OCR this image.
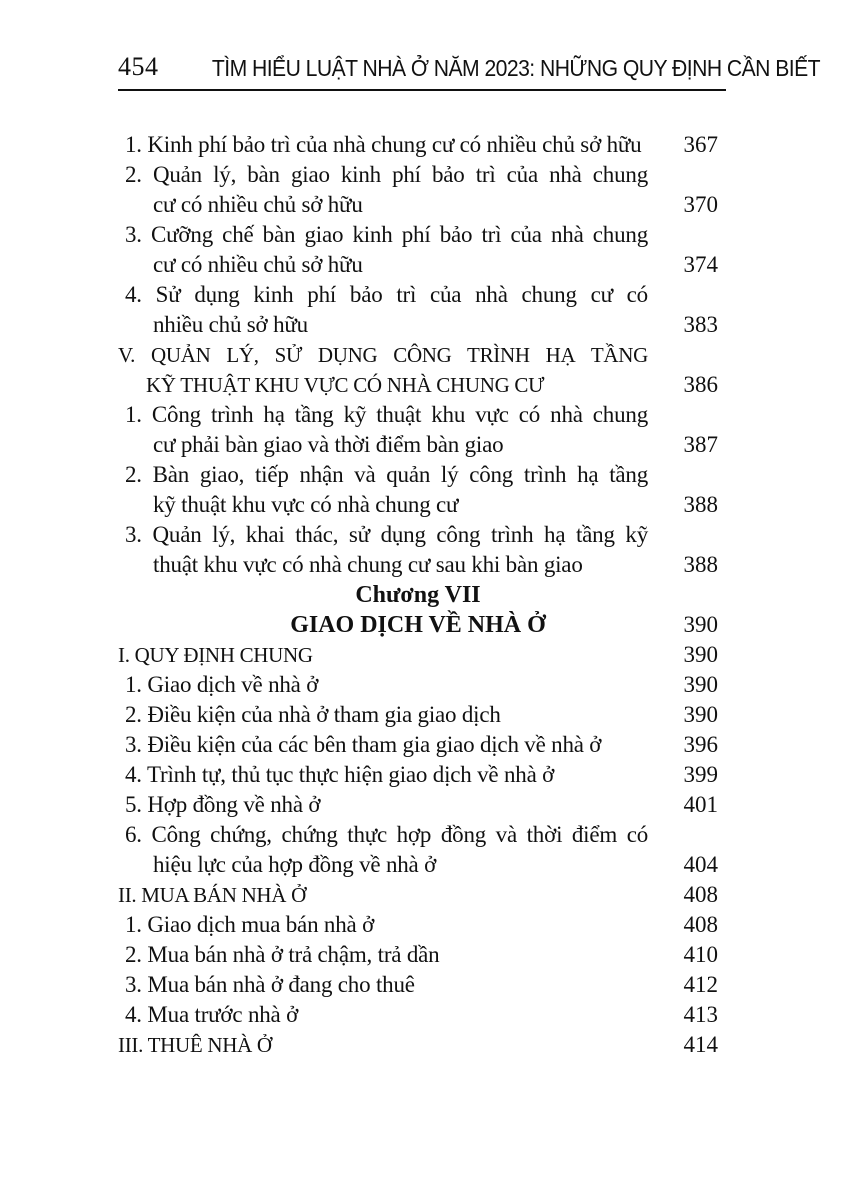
454 TÌM HIỂU LUẬT NHÀ Ở NĂM 2023: NHỮNG QUY ĐỊNH CẦN BIẾT
1. Kinh phí bảo trì của nhà chung cư có nhiều chủ sở hữu	367
2. Quản lý, bàn giao kinh phí bảo trì của nhà chung
cư có nhiều chủ sở hữu	370
3. Cưỡng chế bàn giao kinh phí bảo trì của nhà chung
cư có nhiều chủ sở hữu	374
4. Sử dụng kinh phí bảo trì của nhà chung cư có
nhiều chủ sở hữu	383
V. QUẢN LÝ, SỬ DỤNG CÔNG TRÌNH HẠ TẦNG
KỸ THUẬT KHU VỰC CÓ NHÀ CHUNG CƯ	386
1. Công trình hạ tầng kỹ thuật khu vực có nhà chung
cư phải bàn giao và thời điểm bàn giao	387
2. Bàn giao, tiếp nhận và quản lý công trình hạ tầng
kỹ thuật khu vực có nhà chung cư	388
3. Quản lý, khai thác, sử dụng công trình hạ tầng kỹ
thuật khu vực có nhà chung cư sau khi bàn giao	388
Chương VII
GIAO DỊCH VỀ NHÀ Ở	390
I. QUY ĐỊNH CHUNG	390
1. Giao dịch về nhà ở	390
2. Điều kiện của nhà ở tham gia giao dịch	390
3. Điều kiện của các bên tham gia giao dịch về nhà ở	396
4. Trình tự, thủ tục thực hiện giao dịch về nhà ở	399
5. Hợp đồng về nhà ở	401
6. Công chứng, chứng thực hợp đồng và thời điểm có
hiệu lực của hợp đồng về nhà ở	404
II. MUA BÁN NHÀ Ở	408
1. Giao dịch mua bán nhà ở	408
2. Mua bán nhà ở trả chậm, trả dần	410
3. Mua bán nhà ở đang cho thuê	412
4. Mua trước nhà ở	413
III. THUÊ NHÀ Ở	414
